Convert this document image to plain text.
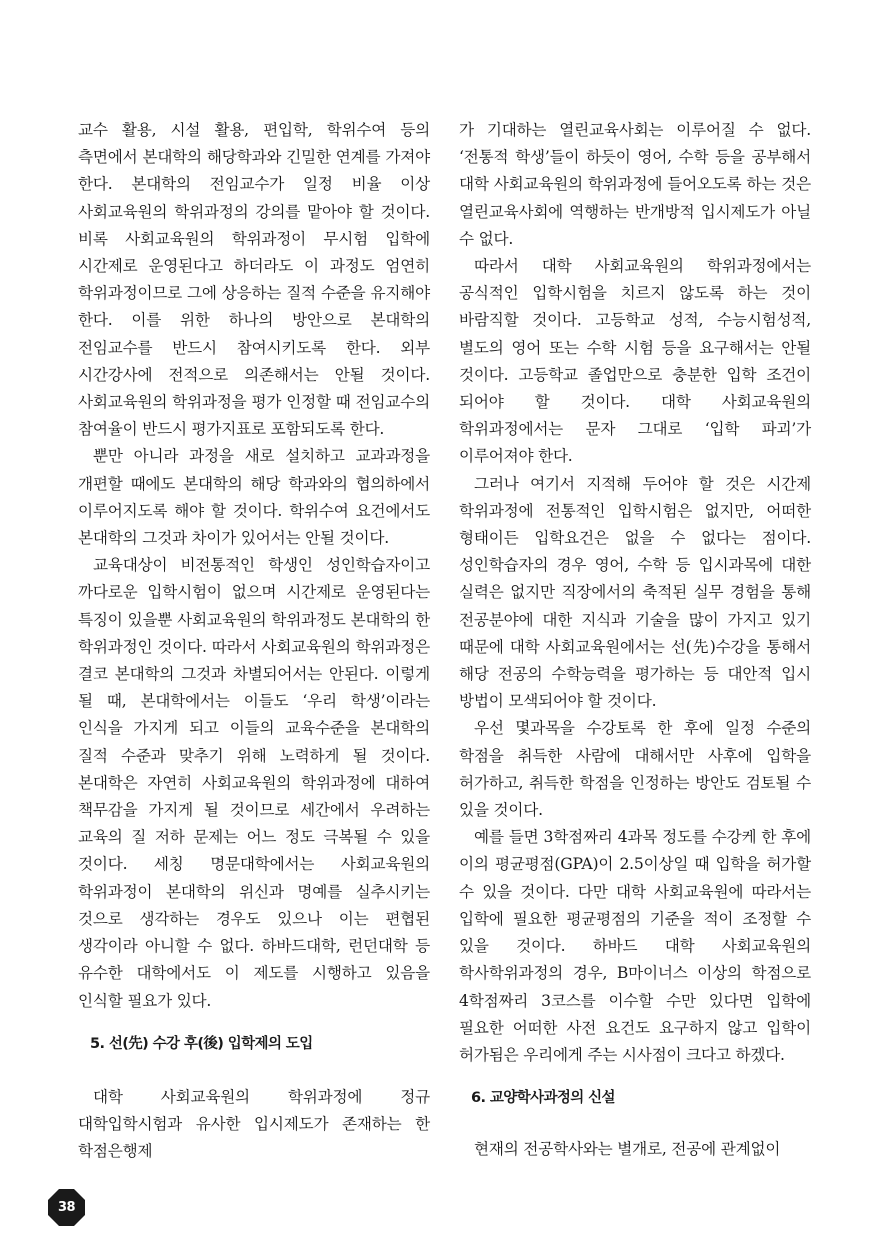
교수 활용, 시설 활용, 편입학, 학위수여 등의 측면에서 본대학의 해당학과와 긴밀한 연계를 가져야 한다. 본대학의 전임교수가 일정 비율 이상 사회교육원의 학위과정의 강의를 맡아야 할 것이다. 비록 사회교육원의 학위과정이 무시험 입학에 시간제로 운영된다고 하더라도 이 과정도 엄연히 학위과정이므로 그에 상응하는 질적 수준을 유지해야 한다. 이를 위한 하나의 방안으로 본대학의 전임교수를 반드시 참여시키도록 한다. 외부 시간강사에 전적으로 의존해서는 안될 것이다. 사회교육원의 학위과정을 평가 인정할 때 전임교수의 참여율이 반드시 평가지표로 포함되도록 한다.

뿐만 아니라 과정을 새로 설치하고 교과과정을 개편할 때에도 본대학의 해당 학과와의 협의하에서 이루어지도록 해야 할 것이다. 학위수여 요건에서도 본대학의 그것과 차이가 있어서는 안될 것이다.

교육대상이 비전통적인 학생인 성인학습자이고 까다로운 입학시험이 없으며 시간제로 운영된다는 특징이 있을뿐 사회교육원의 학위과정도 본대학의 한 학위과정인 것이다. 따라서 사회교육원의 학위과정은 결코 본대학의 그것과 차별되어서는 안된다. 이렇게 될 때, 본대학에서는 이들도 ‘우리 학생’이라는 인식을 가지게 되고 이들의 교육수준을 본대학의 질적 수준과 맞추기 위해 노력하게 될 것이다. 본대학은 자연히 사회교육원의 학위과정에 대하여 책무감을 가지게 될 것이므로 세간에서 우려하는 교육의 질 저하 문제는 어느 정도 극복될 수 있을 것이다. 세칭 명문대학에서는 사회교육원의 학위과정이 본대학의 위신과 명예를 실추시키는 것으로 생각하는 경우도 있으나 이는 편협된 생각이라 아니할 수 없다. 하바드대학, 런던대학 등 유수한 대학에서도 이 제도를 시행하고 있음을 인식할 필요가 있다.

5. 선(先) 수강 후(後) 입학제의 도입

대학 사회교육원의 학위과정에 정규 대학입학시험과 유사한 입시제도가 존재하는 한 학점은행제

가 기대하는 열린교육사회는 이루어질 수 없다. ‘전통적 학생’들이 하듯이 영어, 수학 등을 공부해서 대학 사회교육원의 학위과정에 들어오도록 하는 것은 열린교육사회에 역행하는 반개방적 입시제도가 아닐 수 없다.

따라서 대학 사회교육원의 학위과정에서는 공식적인 입학시험을 치르지 않도록 하는 것이 바람직할 것이다. 고등학교 성적, 수능시험성적, 별도의 영어 또는 수학 시험 등을 요구해서는 안될 것이다. 고등학교 졸업만으로 충분한 입학 조건이 되어야 할 것이다. 대학 사회교육원의 학위과정에서는 문자 그대로 ‘입학 파괴’가 이루어져야 한다.

그러나 여기서 지적해 두어야 할 것은 시간제 학위과정에 전통적인 입학시험은 없지만, 어떠한 형태이든 입학요건은 없을 수 없다는 점이다. 성인학습자의 경우 영어, 수학 등 입시과목에 대한 실력은 없지만 직장에서의 축적된 실무 경험을 통해 전공분야에 대한 지식과 기술을 많이 가지고 있기 때문에 대학 사회교육원에서는 선(先)수강을 통해서 해당 전공의 수학능력을 평가하는 등 대안적 입시 방법이 모색되어야 할 것이다.

우선 몇과목을 수강토록 한 후에 일정 수준의 학점을 취득한 사람에 대해서만 사후에 입학을 허가하고, 취득한 학점을 인정하는 방안도 검토될 수 있을 것이다.

예를 들면 3학점짜리 4과목 정도를 수강케 한 후에 이의 평균평점(GPA)이 2.5이상일 때 입학을 허가할 수 있을 것이다. 다만 대학 사회교육원에 따라서는 입학에 필요한 평균평점의 기준을 적이 조정할 수 있을 것이다. 하바드 대학 사회교육원의 학사학위과정의 경우, B마이너스 이상의 학점으로 4학점짜리 3코스를 이수할 수만 있다면 입학에 필요한 어떠한 사전 요건도 요구하지 않고 입학이 허가됨은 우리에게 주는 시사점이 크다고 하겠다.

6. 교양학사과정의 신설

현재의 전공학사와는 별개로, 전공에 관계없이

38
